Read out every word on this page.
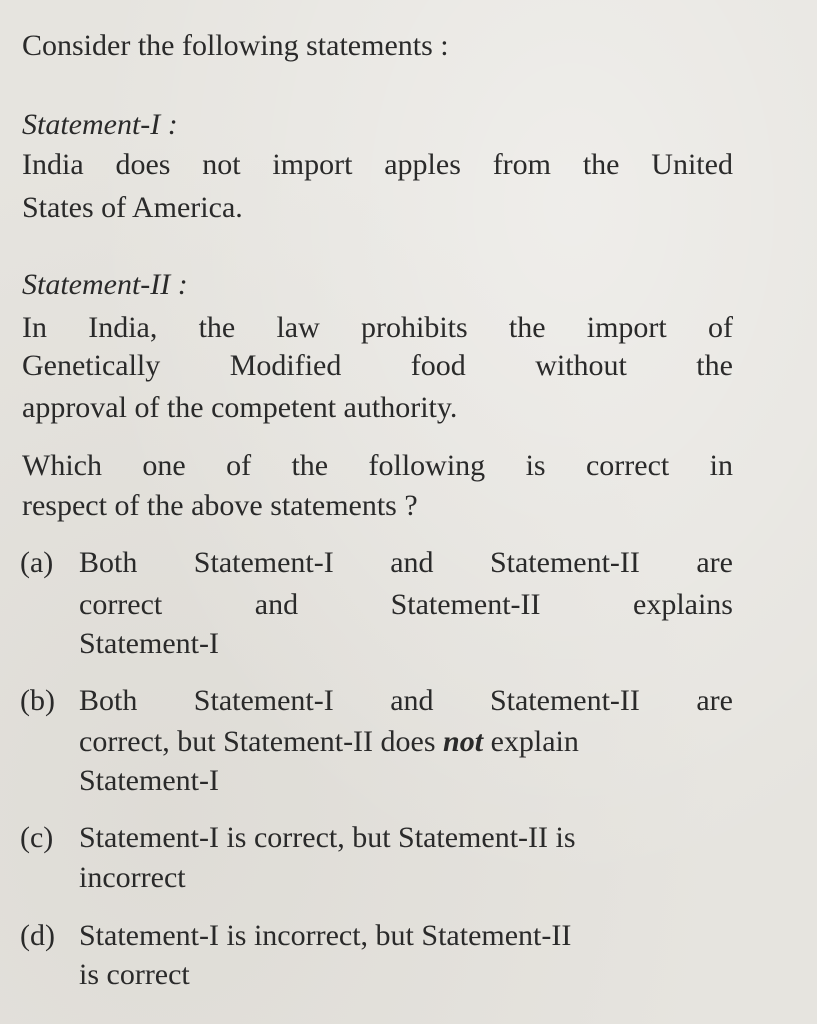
Consider the following statements :
Statement-I :
India does not import apples from the United
States of America.
Statement-II :
In India, the law prohibits the import of
Genetically Modified food without the
approval of the competent authority.
Which one of the following is correct in
respect of the above statements ?
(a) Both Statement-I and Statement-II are
correct	and	Statement-II	explains
Statement-I
(b) Both Statement-I and Statement-II are
correct, but Statement-II does not explain
Statement-I
(c) Statement-I is correct, but Statement-II is
incorrect
(d) Statement-I is incorrect, but Statement-II
is correct
